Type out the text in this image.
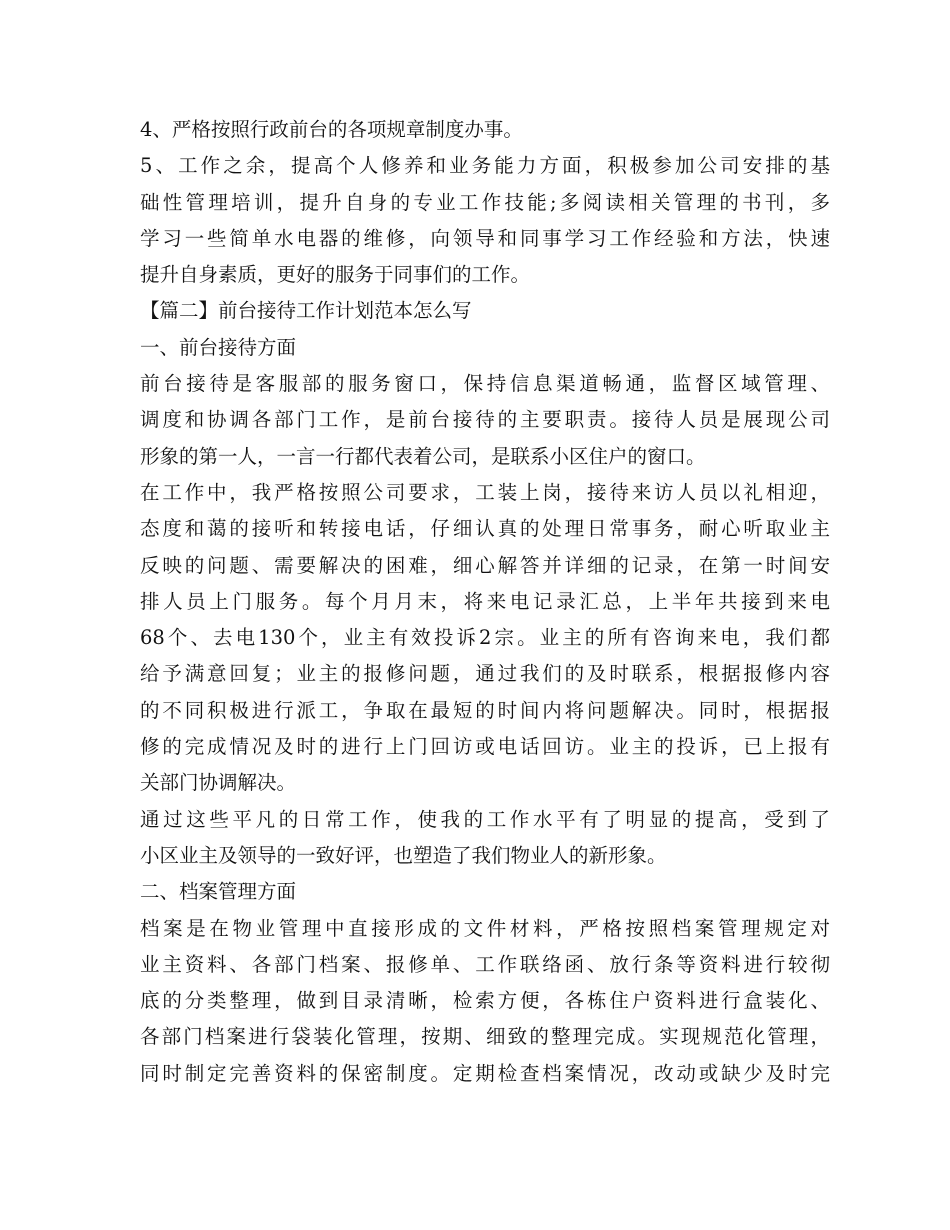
4、严格按照行政前台的各项规章制度办事。
5、工作之余，提高个人修养和业务能力方面，积极参加公司安排的基
础性管理培训，提升自身的专业工作技能;多阅读相关管理的书刊，多
学习一些简单水电器的维修，向领导和同事学习工作经验和方法，快速
提升自身素质，更好的服务于同事们的工作。
【篇二】前台接待工作计划范本怎么写
一、前台接待方面
前台接待是客服部的服务窗口，保持信息渠道畅通，监督区域管理、
调度和协调各部门工作，是前台接待的主要职责。接待人员是展现公司
形象的第一人，一言一行都代表着公司，是联系小区住户的窗口。
在工作中，我严格按照公司要求，工装上岗，接待来访人员以礼相迎，
态度和蔼的接听和转接电话，仔细认真的处理日常事务，耐心听取业主
反映的问题、需要解决的困难，细心解答并详细的记录，在第一时间安
排人员上门服务。每个月月末，将来电记录汇总，上半年共接到来电
68个、去电130个，业主有效投诉2宗。业主的所有咨询来电，我们都
给予满意回复；业主的报修问题，通过我们的及时联系，根据报修内容
的不同积极进行派工，争取在最短的时间内将问题解决。同时，根据报
修的完成情况及时的进行上门回访或电话回访。业主的投诉，已上报有
关部门协调解决。
通过这些平凡的日常工作，使我的工作水平有了明显的提高，受到了
小区业主及领导的一致好评，也塑造了我们物业人的新形象。
二、档案管理方面
档案是在物业管理中直接形成的文件材料，严格按照档案管理规定对
业主资料、各部门档案、报修单、工作联络函、放行条等资料进行较彻
底的分类整理，做到目录清晰，检索方便，各栋住户资料进行盒装化、
各部门档案进行袋装化管理，按期、细致的整理完成。实现规范化管理，
同时制定完善资料的保密制度。定期检查档案情况，改动或缺少及时完
